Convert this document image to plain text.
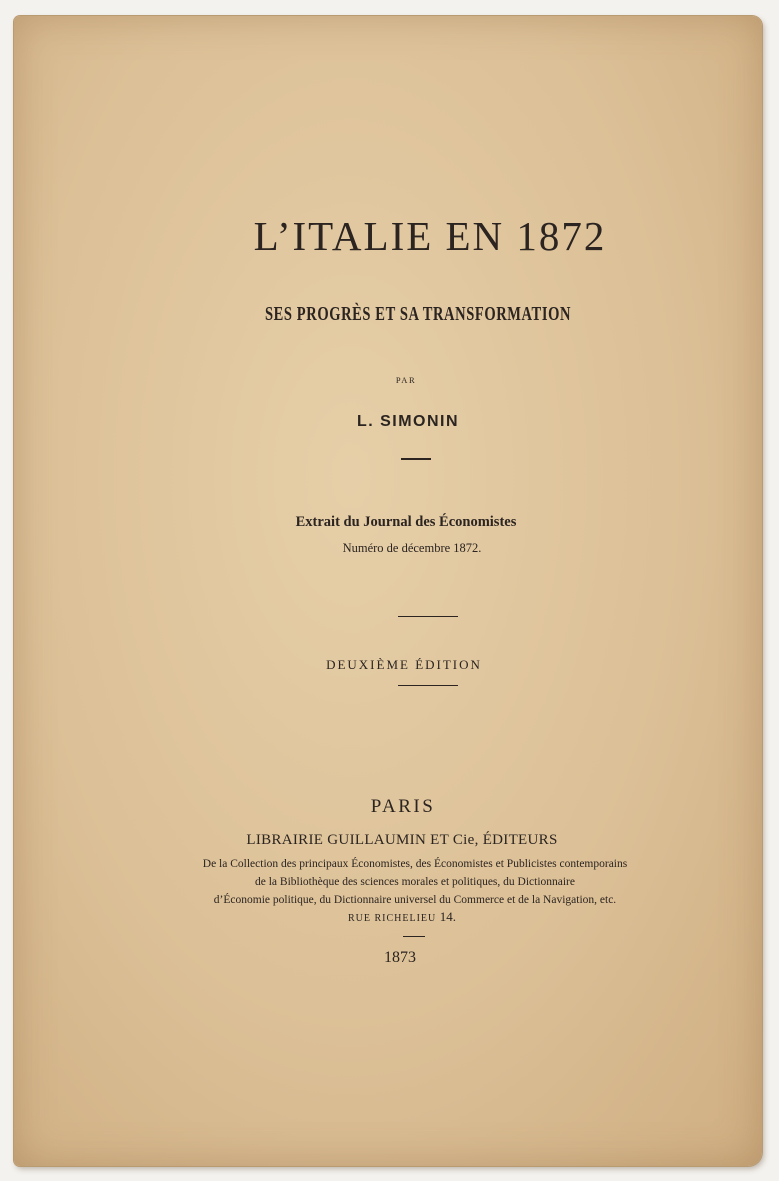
L’ITALIE EN 1872
SES PROGRÈS ET SA TRANSFORMATION
PAR
L. SIMONIN
Extrait du Journal des Économistes
Numéro de décembre 1872.
DEUXIÈME ÉDITION
PARIS
LIBRAIRIE GUILLAUMIN ET Cie, ÉDITEURS
De la Collection des principaux Économistes, des Économistes et Publicistes contemporains
de la Bibliothèque des sciences morales et politiques, du Dictionnaire
d’Économie politique, du Dictionnaire universel du Commerce et de la Navigation, etc.
RUE RICHELIEU 14.
1873
